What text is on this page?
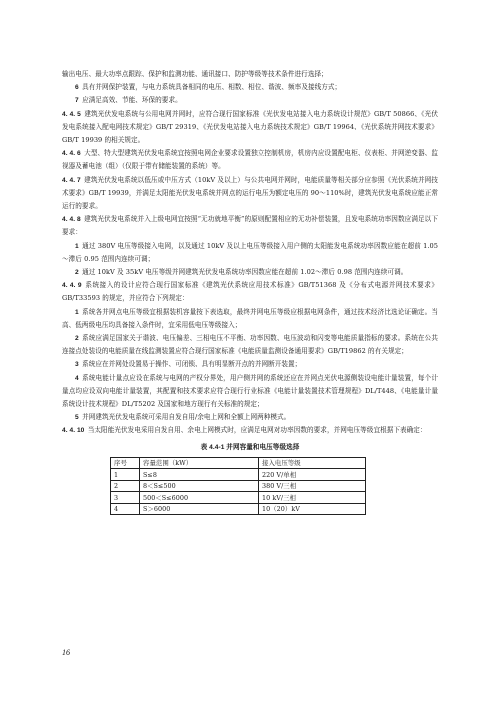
输出电压、最大功率点跟踪、保护和监测功能、通讯接口、防护等级等技术条件进行选择；

6  具有并网保护装置，与电力系统具备相同的电压、相数、相位、谐波、频率及接线方式；

7  应满足高效、节能、环保的要求。

4. 4. 5  建筑光伏发电系统与公用电网并网时，应符合现行国家标准《光伏发电站接入电力系统设计规范》GB/T 50866、《光伏发电系统接入配电网技术规定》GB/T 29319、《光伏发电站接入电力系统技术规定》GB/T 19964、《光伏系统并网技术要求》GB/T 19939 的相关规定。

4. 4. 6  大型、特大型建筑光伏发电系统宜按照电网企业要求设置独立控制机房，机房内应设置配电柜、仪表柜、并网逆变器、监视器及蓄电池（组）（仅限于带有储能装置的系统）等。

4. 4. 7  建筑光伏发电系统以低压或中压方式（10kV 及以上）与公共电网并网时，电能质量等相关部分应参照《光伏系统并网技术要求》GB/T 19939，并满足太阳能光伏发电系统并网点的运行电压为额定电压的 90～110%时，建筑光伏发电系统应能正常运行的要求。

4. 4. 8  建筑光伏发电系统并入上级电网宜按照“无功就地平衡”的原则配置相应的无功补偿装置，且发电系统功率因数应满足以下要求：

1  通过 380V 电压等级接入电网，以及通过 10kV 及以上电压等级接入用户侧的太阳能发电系统功率因数应能在超前 1.05～滞后 0.95 范围内连续可调；

2  通过 10kV 及 35kV 电压等级并网建筑光伏发电系统功率因数应能在超前 1.02～滞后 0.98 范围内连续可调。

4. 4. 9  系统接入的设计应符合现行国家标准《建筑光伏系统应用技术标准》GB/T51368 及《分布式电源并网技术要求》GB/T33593 的规定，并应符合下列规定：

1  系统各并网点电压等级宜根据装机容量按下表选取，最终并网电压等级应根据电网条件，通过技术经济比选论证确定。当高、低两级电压均具备接入条件时，宜采用低电压等级接入；

2  系统应满足国家关于谐波、电压偏差、三相电压不平衡、功率因数、电压波动和闪变等电能质量指标的要求。系统在公共连接点处装设的电能质量在线监测装置应符合现行国家标准《电能质量监测设备通用要求》GB/T19862 的有关规定；

3  系统应在并网处设置易于操作、可闭锁、具有明显断开点的并网断开装置；

4  系统电能计量点应设在系统与电网的产权分界处，用户侧并网的系统还应在并网点光伏电源侧装设电能计量装置，每个计量点均应设双向电能计量装置，其配置和技术要求应符合现行行业标准《电能计量装置技术管理规程》DL/T448、《电能量计量系统设计技术规程》DL/T5202 及国家和地方现行有关标准的规定；

5  并网建筑光伏发电系统可采用自发自用/余电上网和全额上网两种模式。

4. 4. 10  当太阳能光伏发电采用自发自用、余电上网模式时，应满足电网对功率因数的要求，并网电压等级宜根据下表确定：

表 4.4-1 并网容量和电压等级选择
序号	容量范围（kW）	接入电压等级
1	S≤8	220 V/单相
2	8＜S≤500	380 V/三相
3	500＜S≤6000	10 kV/三相
4	S＞6000	10（20）kV
16
